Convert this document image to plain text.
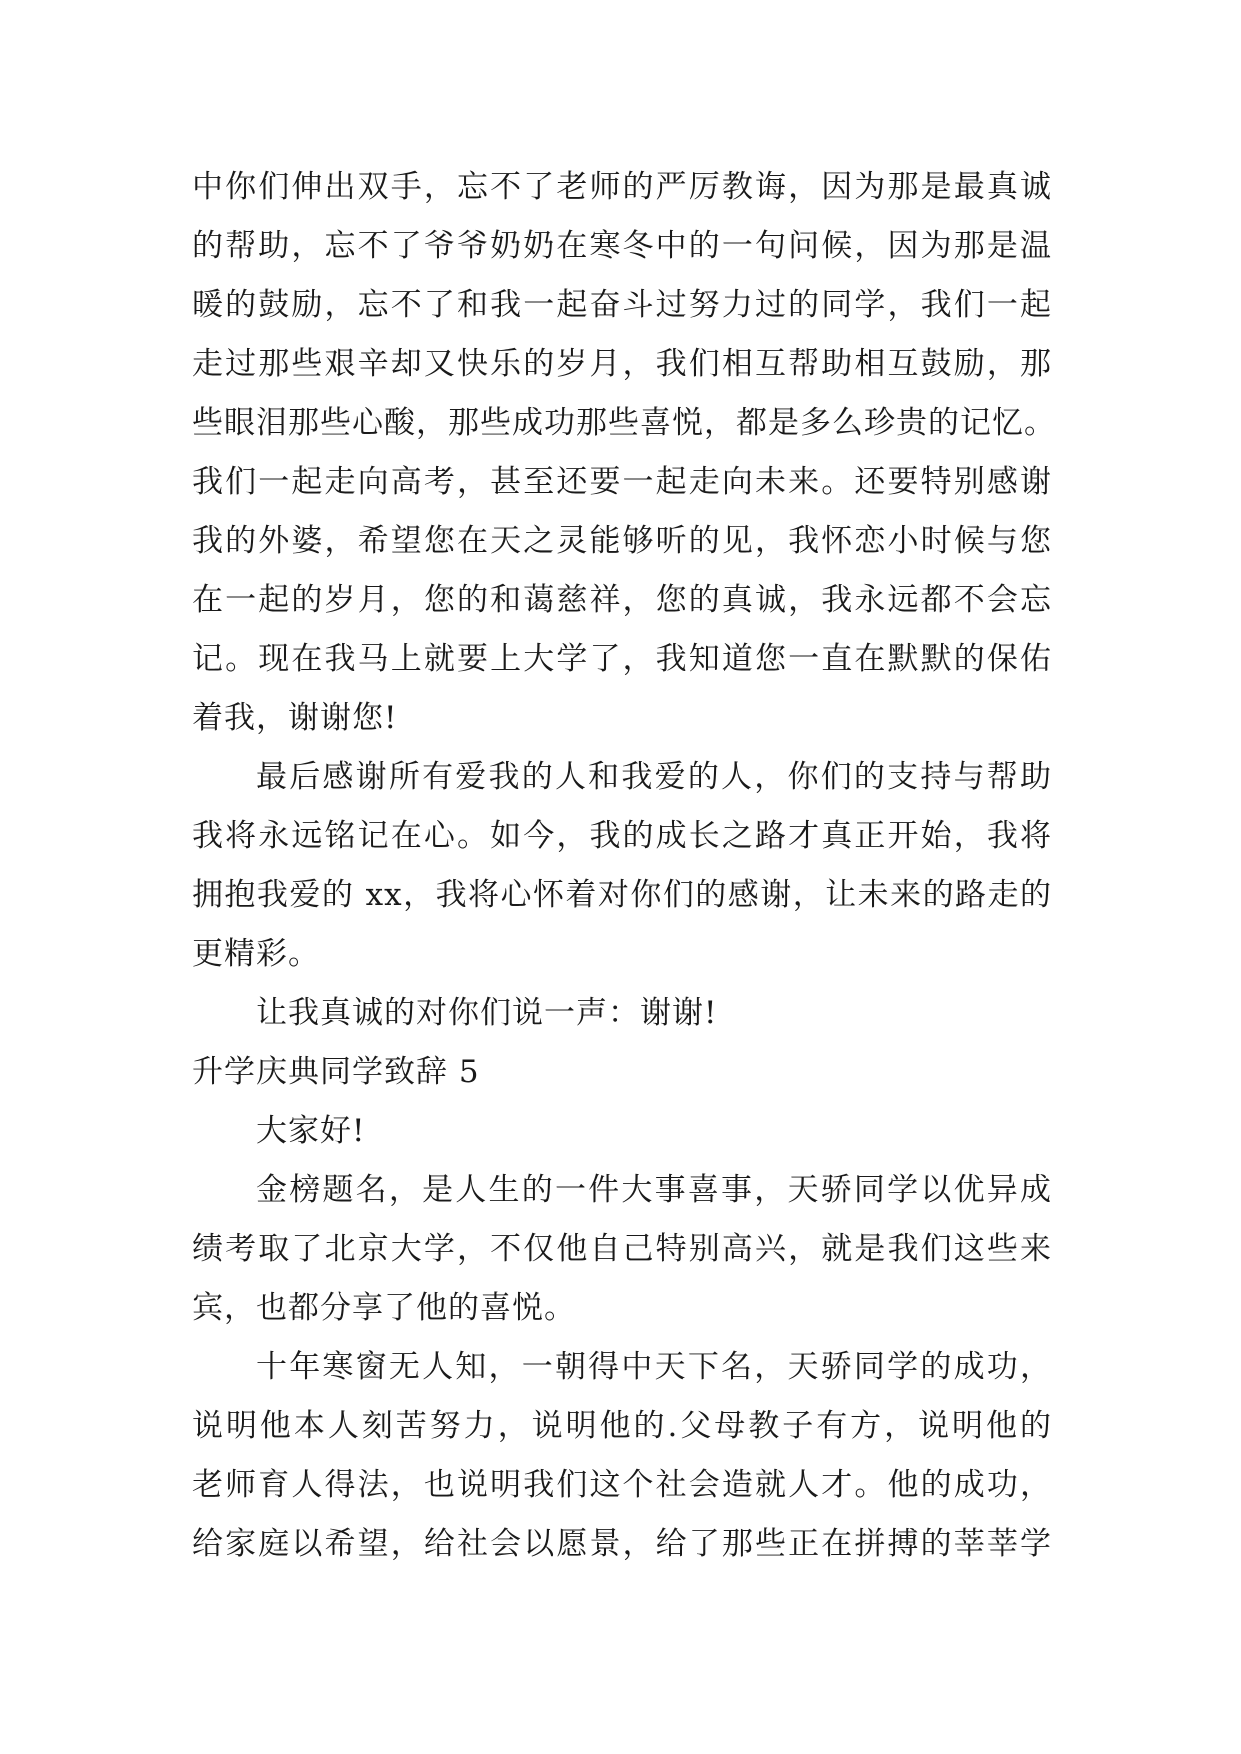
中你们伸出双手，忘不了老师的严厉教诲，因为那是最真诚
的帮助，忘不了爷爷奶奶在寒冬中的一句问候，因为那是温
暖的鼓励，忘不了和我一起奋斗过努力过的同学，我们一起
走过那些艰辛却又快乐的岁月，我们相互帮助相互鼓励，那
些眼泪那些心酸，那些成功那些喜悦，都是多么珍贵的记忆。
我们一起走向高考，甚至还要一起走向未来。还要特别感谢
我的外婆，希望您在天之灵能够听的见，我怀恋小时候与您
在一起的岁月，您的和蔼慈祥，您的真诚，我永远都不会忘
记。现在我马上就要上大学了，我知道您一直在默默的保佑
着我，谢谢您!
最后感谢所有爱我的人和我爱的人，你们的支持与帮助
我将永远铭记在心。如今，我的成长之路才真正开始，我将
拥抱我爱的 xx，我将心怀着对你们的感谢，让未来的路走的
更精彩。
让我真诚的对你们说一声：谢谢!
升学庆典同学致辞 5
大家好!
金榜题名，是人生的一件大事喜事，天骄同学以优异成
绩考取了北京大学，不仅他自己特别高兴，就是我们这些来
宾，也都分享了他的喜悦。
十年寒窗无人知，一朝得中天下名，天骄同学的成功，
说明他本人刻苦努力，说明他的.父母教子有方，说明他的
老师育人得法，也说明我们这个社会造就人才。他的成功，
给家庭以希望，给社会以愿景，给了那些正在拼搏的莘莘学
